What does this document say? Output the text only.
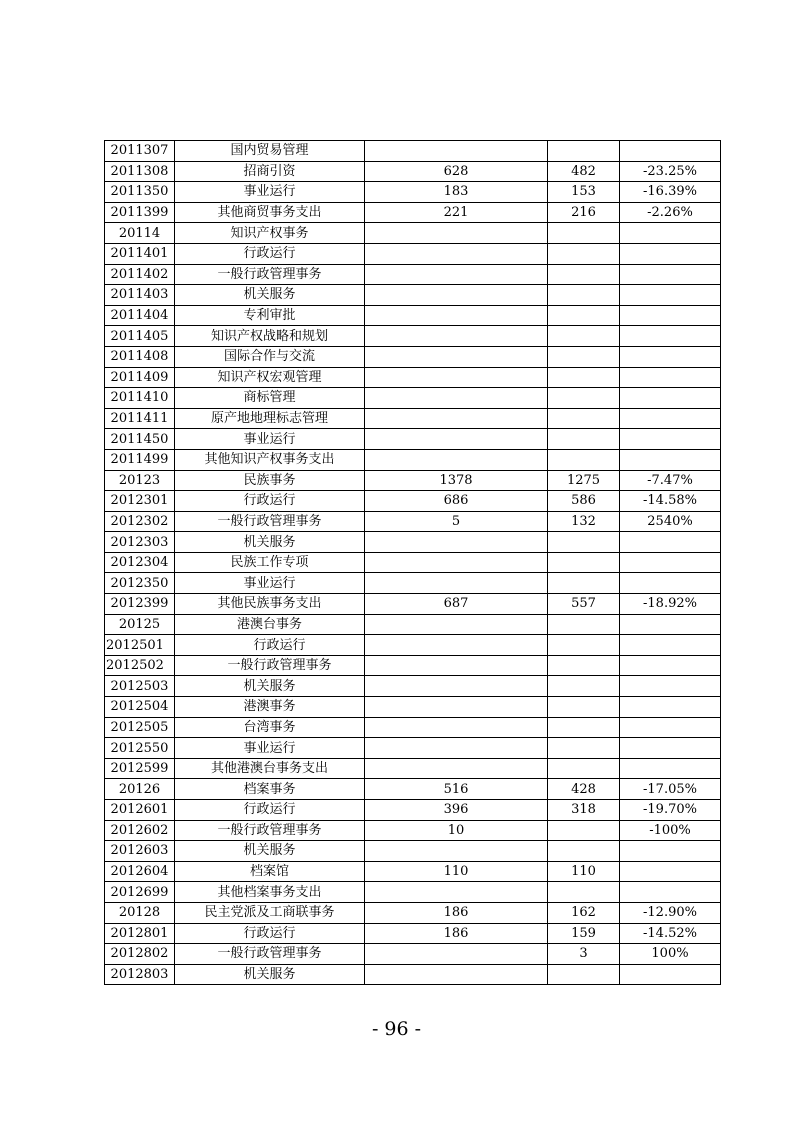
2011307	国内贸易管理			
2011308	招商引资	628	482	-23.25%
2011350	事业运行	183	153	-16.39%
2011399	其他商贸事务支出	221	216	-2.26%
20114	知识产权事务			
2011401	行政运行			
2011402	一般行政管理事务			
2011403	机关服务			
2011404	专利审批			
2011405	知识产权战略和规划			
2011408	国际合作与交流			
2011409	知识产权宏观管理			
2011410	商标管理			
2011411	原产地地理标志管理			
2011450	事业运行			
2011499	其他知识产权事务支出			
20123	民族事务	1378	1275	-7.47%
2012301	行政运行	686	586	-14.58%
2012302	一般行政管理事务	5	132	2540%
2012303	机关服务			
2012304	民族工作专项			
2012350	事业运行			
2012399	其他民族事务支出	687	557	-18.92%
20125	港澳台事务			
2012501	行政运行			
2012502	一般行政管理事务			
2012503	机关服务			
2012504	港澳事务			
2012505	台湾事务			
2012550	事业运行			
2012599	其他港澳台事务支出			
20126	档案事务	516	428	-17.05%
2012601	行政运行	396	318	-19.70%
2012602	一般行政管理事务	10		-100%
2012603	机关服务			
2012604	档案馆	110	110	
2012699	其他档案事务支出			
20128	民主党派及工商联事务	186	162	-12.90%
2012801	行政运行	186	159	-14.52%
2012802	一般行政管理事务		3	100%
2012803	机关服务			
- 96 -
